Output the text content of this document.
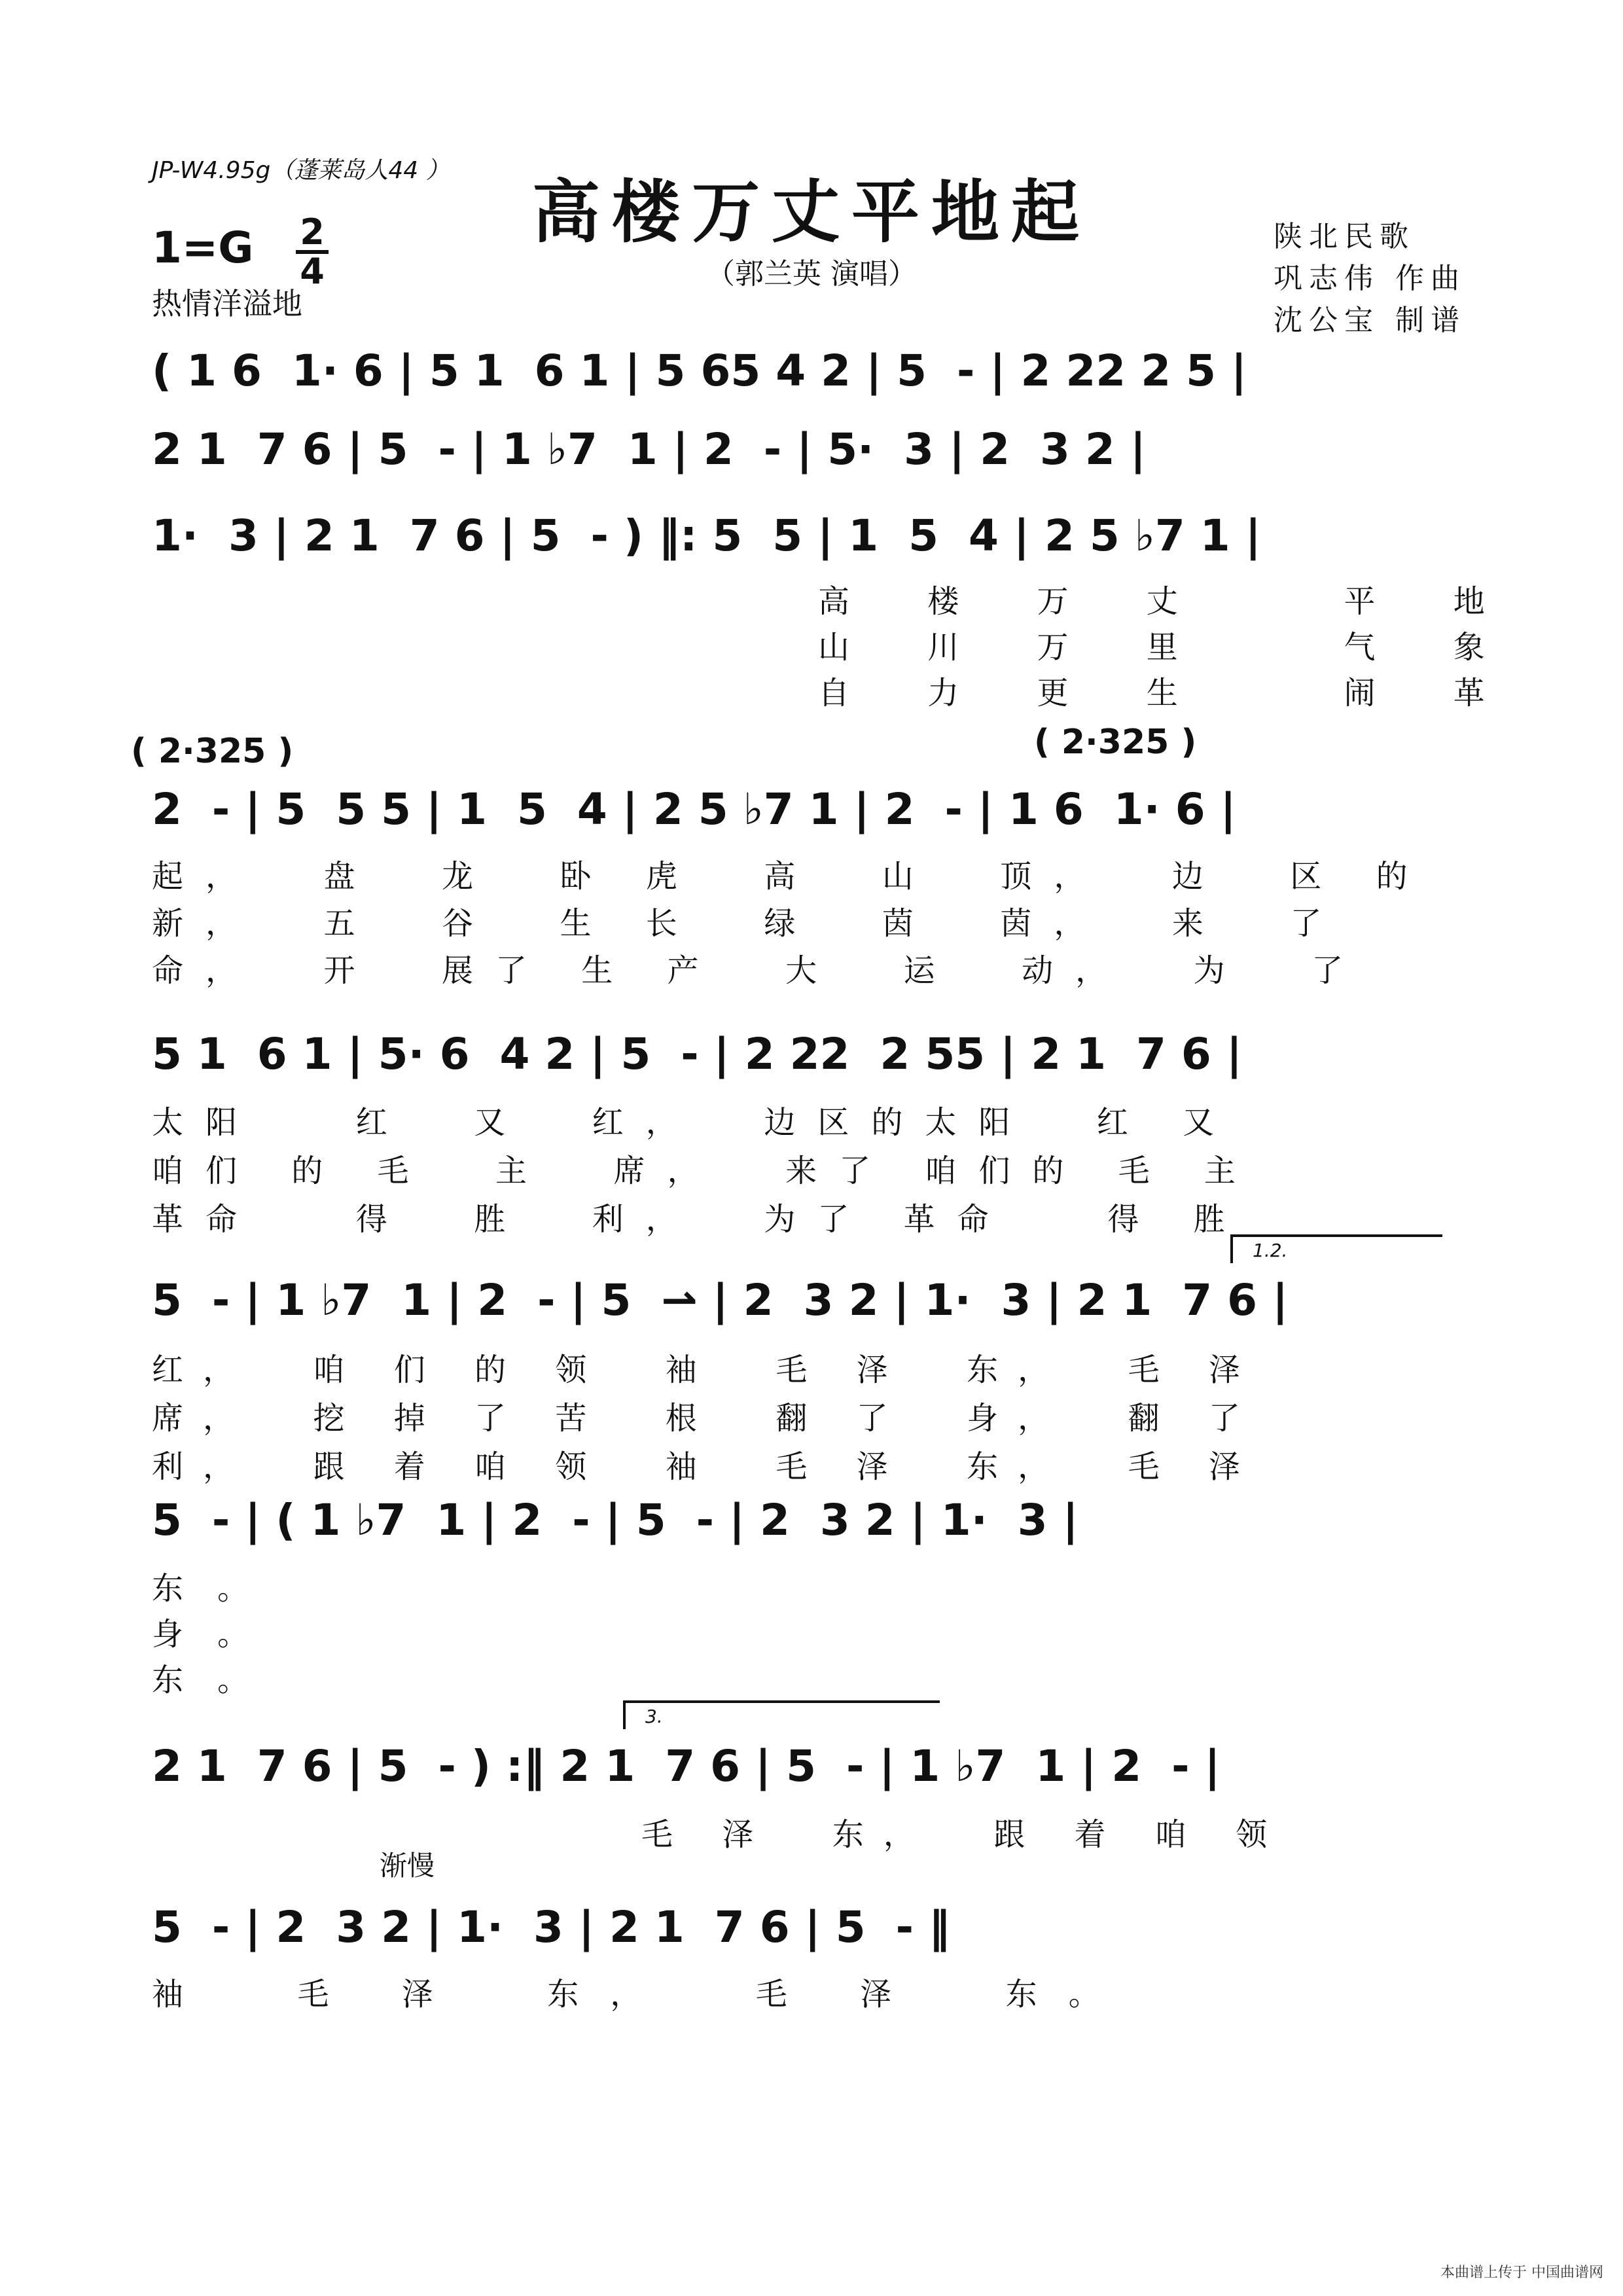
JP-W4.95g（蓬莱岛人44 ）
高楼万丈平地起
（郭兰英 演唱）
1=G 2
4
热情洋溢地
陕北民歌
巩志伟 作曲
沈公宝 制谱
( 1 6  1· 6 | 5 1  6 1 | 5 65 4 2 | 5  - | 2 22 2 5 |
2 1  7 6 | 5  - | 1 ♭7  1 | 2  - | 5·  3 | 2  3 2 |
1·  3 | 2 1  7 6 | 5  - ) ‖: 5  5 | 1  5  4 | 2 5 ♭7 1 |
高 楼 万 丈   平 地
山 川 万 里   气 象
自 力 更 生   闹 革
( 2·325 )	( 2·325 )
2  - | 5  5 5 | 1  5  4 | 2 5 ♭7 1 | 2  - | 1 6  1· 6 |
起，  盘  龙  卧 虎  高  山  顶，  边  区 的
新，  五  谷  生 长  绿  茵  茵，  来  了
命，  开  展了 生 产  大  运  动，  为  了
5 1  6 1 | 5· 6  4 2 | 5  - | 2 22  2 55 | 2 1  7 6 |
太阳   红  又  红，  边区的太阳  红 又
咱们 的 毛  主  席，  来了 咱们的 毛 主
革命   得  胜  利，  为了 革命   得 胜
1.2.
5  - | 1 ♭7  1 | 2  - | 5  ⇀ | 2  3 2 | 1·  3 | 2 1  7 6 |
红，  咱 们 的 领  袖  毛 泽  东，  毛 泽
席，  挖 掉 了 苦  根  翻 了  身，  翻 了
利，  跟 着 咱 领  袖  毛 泽  东，  毛 泽
5  - | ( 1 ♭7  1 | 2  - | 5  - | 2  3 2 | 1·  3 |
东。
身。
东。
3.
2 1  7 6 | 5  - ) :‖ 2 1  7 6 | 5  - | 1 ♭7  1 | 2  - |
毛 泽  东，  跟 着 咱 领
渐慢
5  - | 2  3 2 | 1·  3 | 2 1  7 6 | 5  - ‖
袖  毛 泽  东，  毛 泽  东。
本曲谱上传于 中国曲谱网
